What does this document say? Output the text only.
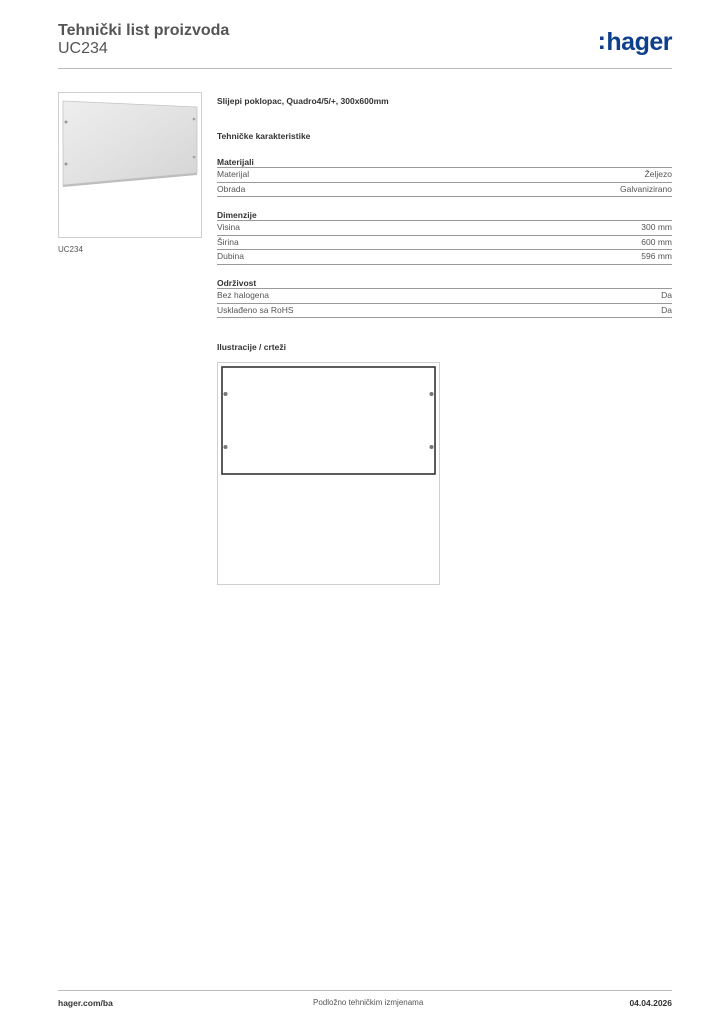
Tehnički list proizvoda
UC234	:hager
UC234
Slijepi poklopac, Quadro4/5/+, 300x600mm
Tehničke karakteristike
Materijali
Materijal	Željezo
Obrada	Galvanizirano
Dimenzije
Visina	300 mm
Širina	600 mm
Dubina	596 mm
Održivost
Bez halogena	Da
Usklađeno sa RoHS	Da
Ilustracije / crteži
hager.com/ba	Podložno tehničkim izmjenama	04.04.2026
